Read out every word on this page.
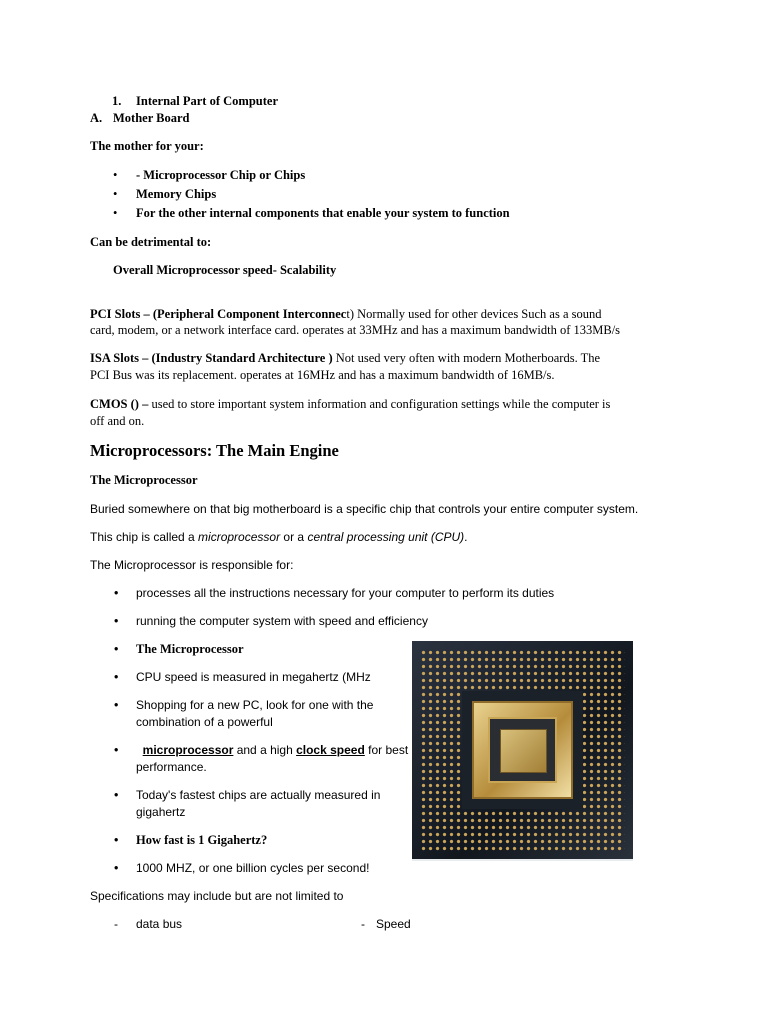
1. Internal Part of Computer
A. Mother Board
The mother for your:
• - Microprocessor Chip or Chips
• Memory Chips
• For the other internal components that enable your system to function
Can be detrimental to:
Overall Microprocessor speed- Scalability
PCI Slots – (Peripheral Component Interconnect) Normally used for other devices Such as a sound
card, modem, or a network interface card. operates at 33MHz and has a maximum bandwidth of 133MB/s
ISA Slots – (Industry Standard Architecture ) Not used very often with modern Motherboards. The
PCI Bus was its replacement. operates at 16MHz and has a maximum bandwidth of 16MB/s.
CMOS () – used to store important system information and configuration settings while the computer is
off and on.
Microprocessors: The Main Engine
The Microprocessor
Buried somewhere on that big motherboard is a specific chip that controls your entire computer system.
This chip is called a microprocessor or a central processing unit (CPU).
The Microprocessor is responsible for:
• processes all the instructions necessary for your computer to perform its duties
• running the computer system with speed and efficiency
• The Microprocessor
• CPU speed is measured in megahertz (MHz
• Shopping for a new PC, look for one with the
combination of a powerful
•	microprocessor and a high clock speed for best
performance.
• Today's fastest chips are actually measured in
gigahertz
• How fast is 1 Gigahertz?
• 1000 MHZ, or one billion cycles per second!
Specifications may include but are not limited to
- data bus	- Speed
